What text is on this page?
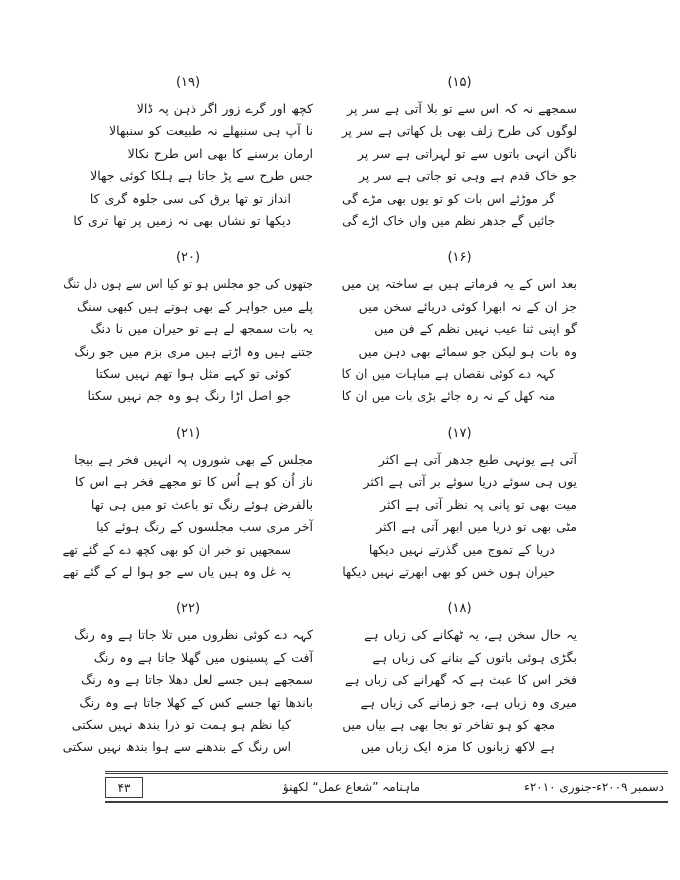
(۱۵)
سمجھے نہ کہ اس سے تو بلا آتی ہے سر پر
لوگوں کی طرح زلف بھی بل کھاتی ہے سر پر
ناگن انہی باتوں سے تو لہراتی ہے سر پر
جو خاک قدم ہے وہی تو جاتی ہے سر پر
گر موڑئے اس بات کو تو یوں بھی مڑے گی
جائیں گے جدھر نظم میں واں خاک اڑے گی
(۱۶)
بعد اس کے یہ فرماتے ہیں بے ساختہ پن میں
جز ان کے نہ ابھرا کوئی دریائے سخن میں
گو اپنی ثنا عیب نہیں نظم کے فن میں
وہ بات ہو لیکن جو سمائے بھی دہن میں
کہہ دے کوئی نقصاں ہے مباہات میں ان کا
منہ کھل کے نہ رہ جائے بڑی بات میں ان کا
(۱۷)
آتی ہے یونہی طبع جدھر آتی ہے اکثر
یوں ہی سوئے دریا سوئے بر آتی ہے اکثر
میت بھی تو پانی پہ نظر آتی ہے اکثر
مٹی بھی تو دریا میں ابھر آتی ہے اکثر
دریا کے تموج میں گذرتے نہیں دیکھا
حیران ہوں خس کو بھی ابھرتے نہیں دیکھا
(۱۸)
یہ حال سخن ہے، یہ ٹھکانے کی زباں ہے
بگڑی ہوئی باتوں کے بنانے کی زباں ہے
فخر اس کا عبث ہے کہ گھرانے کی زباں ہے
میری وہ زباں ہے، جو زمانے کی زباں ہے
مجھ کو ہو تفاخر تو بجا بھی ہے بیاں میں
ہے لاکھ زبانوں کا مزہ ایک زباں میں
(۱۹)
کچھ اور گرے زور اگر ذہن پہ ڈالا
نا آپ ہی سنبھلے نہ طبیعت کو سنبھالا
ارمان برسنے کا بھی اس طرح نکالا
جس طرح سے پڑ جاتا ہے ہلکا کوئی جھالا
انداز تو تھا برق کی سی جلوہ گری کا
دیکھا تو نشاں بھی نہ زمیں پر تھا تری کا
(۲۰)
جتھوں کی جو مجلس ہو تو کیا اس سے ہوں دل تنگ
پلے میں جواہر کے بھی ہوتے ہیں کبھی سنگ
یہ بات سمجھ لے ہے تو حیران میں نا دنگ
جتنے ہیں وہ اڑتے ہیں مری بزم میں جو رنگ
کوئی تو کہے مثل ہوا تھم نہیں سکتا
جو اصل اڑا رنگ ہو وہ جم نہیں سکتا
(۲۱)
مجلس کے بھی شوروں پہ انہیں فخر ہے بیجا
ناز اُن کو ہے اُس کا تو مجھے فخر ہے اس کا
بالفرض ہوئے رنگ تو باعث تو میں ہی تھا
آخر مری سب مجلسوں کے رنگ ہوئے کیا
سمجھیں تو خبر ان کو بھی کچھ دے کے گئے تھے
یہ غل وہ ہیں یاں سے جو ہوا لے کے گئے تھے
(۲۲)
کہہ دے کوئی نظروں میں تلا جاتا ہے وہ رنگ
آفت کے پسینوں میں گھلا جاتا ہے وہ رنگ
سمجھے ہیں جسے لعل دھلا جاتا ہے وہ رنگ
باندھا تھا جسے کس کے کھلا جاتا ہے وہ رنگ
کیا نظم ہو ہمت تو ذرا بندھ نہیں سکتی
اس رنگ کے بندھنے سے ہوا بندھ نہیں سکتی
۴۳	ماہنامہ ”شعاع عمل“ لکھنؤ	دسمبر ۲۰۰۹ء-جنوری ۲۰۱۰ء
